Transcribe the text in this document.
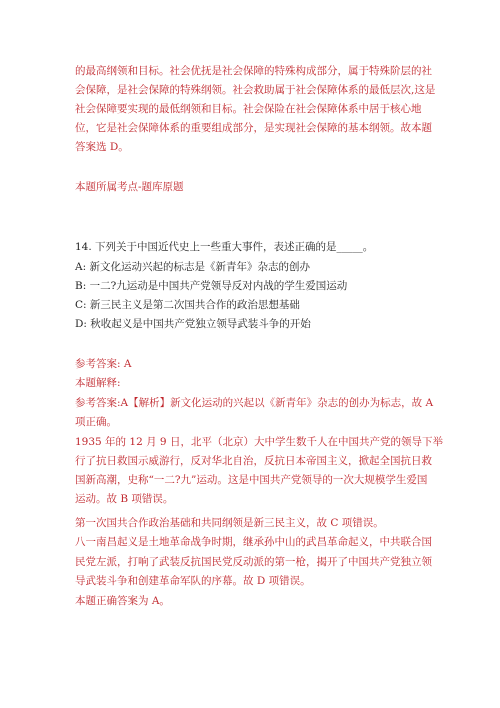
的最高纲领和目标。社会优抚是社会保障的特殊构成部分，属于特殊阶层的社
会保障，是社会保障的特殊纲领。社会救助属于社会保障体系的最低层次,这是
社会保障要实现的最低纲领和目标。社会保险在社会保障体系中居于核心地
位，它是社会保障体系的重要组成部分，是实现社会保障的基本纲领。故本题
答案选 D。
本题所属考点-题库原题
14. 下列关于中国近代史上一些重大事件，表述正确的是_____。
A: 新文化运动兴起的标志是《新青年》杂志的创办
B: 一二?九运动是中国共产党领导反对内战的学生爱国运动
C: 新三民主义是第二次国共合作的政治思想基础
D: 秋收起义是中国共产党独立领导武装斗争的开始
参考答案: A
本题解释:
参考答案:A【解析】新文化运动的兴起以《新青年》杂志的创办为标志，故 A
项正确。
1935 年的 12 月 9 日，北平（北京）大中学生数千人在中国共产党的领导下举
行了抗日救国示威游行，反对华北自治，反抗日本帝国主义，掀起全国抗日救
国新高潮，史称“一二?九”运动。这是中国共产党领导的一次大规模学生爱国
运动。故 B 项错误。
第一次国共合作政治基础和共同纲领是新三民主义，故 C 项错误。
八一南昌起义是土地革命战争时期，继承孙中山的武昌革命起义，中共联合国
民党左派，打响了武装反抗国民党反动派的第一枪，揭开了中国共产党独立领
导武装斗争和创建革命军队的序幕。故 D 项错误。
本题正确答案为 A。
